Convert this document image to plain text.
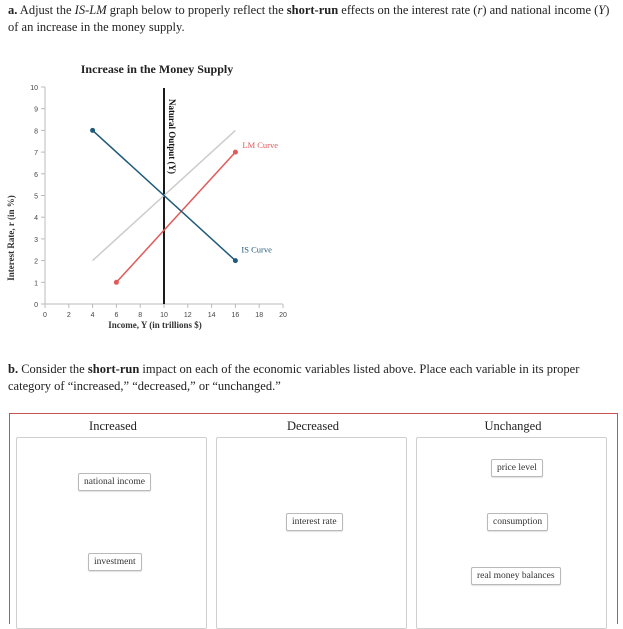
a. Adjust the IS-LM graph below to properly reflect the short-run effects on the interest rate (r) and national income (Y) of an increase in the money supply.
Increase in the Money Supply
0
1
2
3
4
5
6
7
8
9
10
0	2	4	6	8	10 12 14 16 18 20
Natural Output (Y)	LM Curve
IS Curve
Income, Y (in trillions $)
Interest Rate, r (in %)
b. Consider the short-run impact on each of the economic variables listed above. Place each variable in its proper category of “increased,” “decreased,” or “unchanged.”
Increased
national income
investment
Decreased
interest rate
Unchanged
price level
consumption
real money balances
